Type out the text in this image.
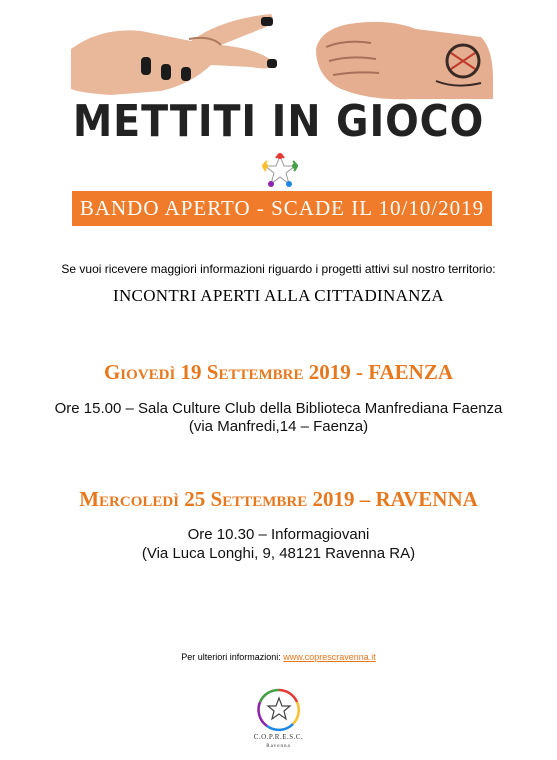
METTITI IN GIOCO
BANDO APERTO - SCADE IL 10/10/2019
Se vuoi ricevere maggiori informazioni riguardo i progetti attivi sul nostro territorio:
INCONTRI APERTI ALLA CITTADINANZA
Giovedì 19 Settembre 2019 - FAENZA
Ore 15.00 – Sala Culture Club della Biblioteca Manfrediana Faenza
(via Manfredi,14 – Faenza)
Mercoledì 25 Settembre 2019 – RAVENNA
Ore 10.30 – Informagiovani
(Via Luca Longhi, 9, 48121 Ravenna RA)
Per ulteriori informazioni: www.coprescravenna.it
C.O.P.R.E.S.C.
Ravenna
